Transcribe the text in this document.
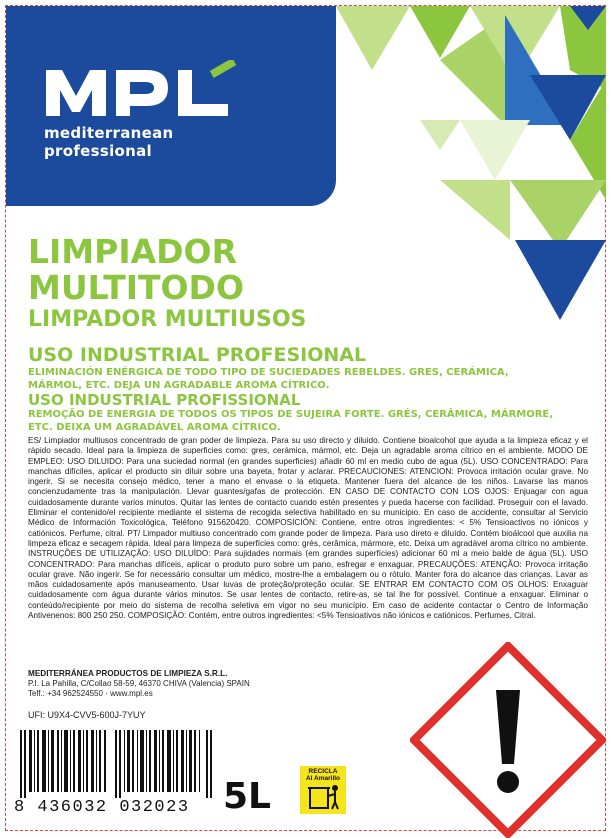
mediterranean
professional
LIMPIADOR
MULTITODO
LIMPADOR MULTIUSOS
USO INDUSTRIAL PROFESIONAL
ELIMINACIÓN ENÉRGICA DE TODO TIPO DE SUCIEDADES REBELDES. GRES, CERÁMICA, MÁRMOL, ETC. DEJA UN AGRADABLE AROMA CÍTRICO.
USO INDUSTRIAL PROFISSIONAL
REMOÇÃO DE ENERGIA DE TODOS OS TIPOS DE SUJEIRA FORTE. GRÉS, CERÂMICA, MÁRMORE, ETC. DEIXA UM AGRADÁVEL AROMA CÍTRICO.
ES/ Limpiador multiusos concentrado de gran poder de limpieza. Para su uso directo y diluido. Contiene bioalcohol que ayuda a la limpieza eficaz y el rápido secado. Ideal para la limpieza de superficies como: gres, cerámica, mármol, etc. Deja un agradable aroma cítrico en el ambiente. MODO DE EMPLEO: USO DILUIDO: Para una suciedad normal (en grandes superficies) añadir 60 ml en medio cubo de agua (5L). USO CONCENTRADO: Para manchas difíciles, aplicar el producto sin diluir sobre una bayeta, frotar y aclarar. PRECAUCIONES: ATENCION: Provoca irritación ocular grave. No ingerir. Si se necesita consejo médico, tener a mano el envase o la etiqueta. Mantener fuera del alcance de los niños. Lavarse las manos concienzudamente tras la manipulación. Llevar guantes/gafas de protección. EN CASO DE CONTACTO CON LOS OJOS: Enjuagar con agua cuidadosamente durante varios minutos. Quitar las lentes de contacto cuando estén presentes y pueda hacerse con facilidad. Proseguir con el lavado. Eliminar el contenido/el recipiente mediante el sistema de recogida selectiva habilitado en su municipio. En caso de accidente, consultar al Servicio Médico de Información Toxicológica, Teléfono 915620420. COMPOSICIÓN: Contiene, entre otros ingredientes: < 5% Tensioactivos no iónicos y catiónicos. Perfume, citral. PT/ Limpador multiuso concentrado com grande poder de limpeza. Para uso direto e diluído. Contém bioálcool que auxilia na limpeza eficaz e secagem rápida. Ideal para limpeza de superfícies como: grés, cerâmica, mármore, etc. Deixa um agradável aroma cítrico no ambiente. INSTRUÇÕES DE UTILIZAÇÃO: USO DILUÍDO: Para sujidades normais (em grandes superfícies) adicionar 60 ml a meio balde de água (5L). USO CONCENTRADO: Para manchas difíceis, aplicar o produto puro sobre um pano, esfregar e enxaguar. PRECAUÇÕES: ATENÇÃO: Provoca irritação ocular grave. Não ingerir. Se for necessário consultar um médico, mostre-lhe a embalagem ou o rótulo. Manter fora do alcance das crianças. Lavar as mãos cuidadosamente após manuseamento. Usar luvas de proteção/proteção ocular. SE ENTRAR EM CONTACTO COM OS OLHOS: Enxaguar cuidadosamente com água durante vários minutos. Se usar lentes de contacto, retire-as, se tal lhe for possível. Continue a enxaguar. Eliminar o conteúdo/recipiente por meio do sistema de recolha seletiva em vigor no seu município. Em caso de acidente contactar o Centro de Informação Antivenenos: 800 250 250. COMPOSIÇÃO: Contém, entre outros ingredientes: <5% Tensioativos não iónicos e catiónicos. Perfumes, Citral.
MEDITERRÁNEA PRODUCTOS DE LIMPIEZA S.R.L.
P.I. La Pahilla, C/Collao 58-59, 46370 CHIVA (Valencia) SPAIN
Telf.: +34 962524550 · www.mpl.es
UFI: U9X4-CVV5-600J-7YUY
8 436032 032023 5L
RECICLA
Al Amarillo
